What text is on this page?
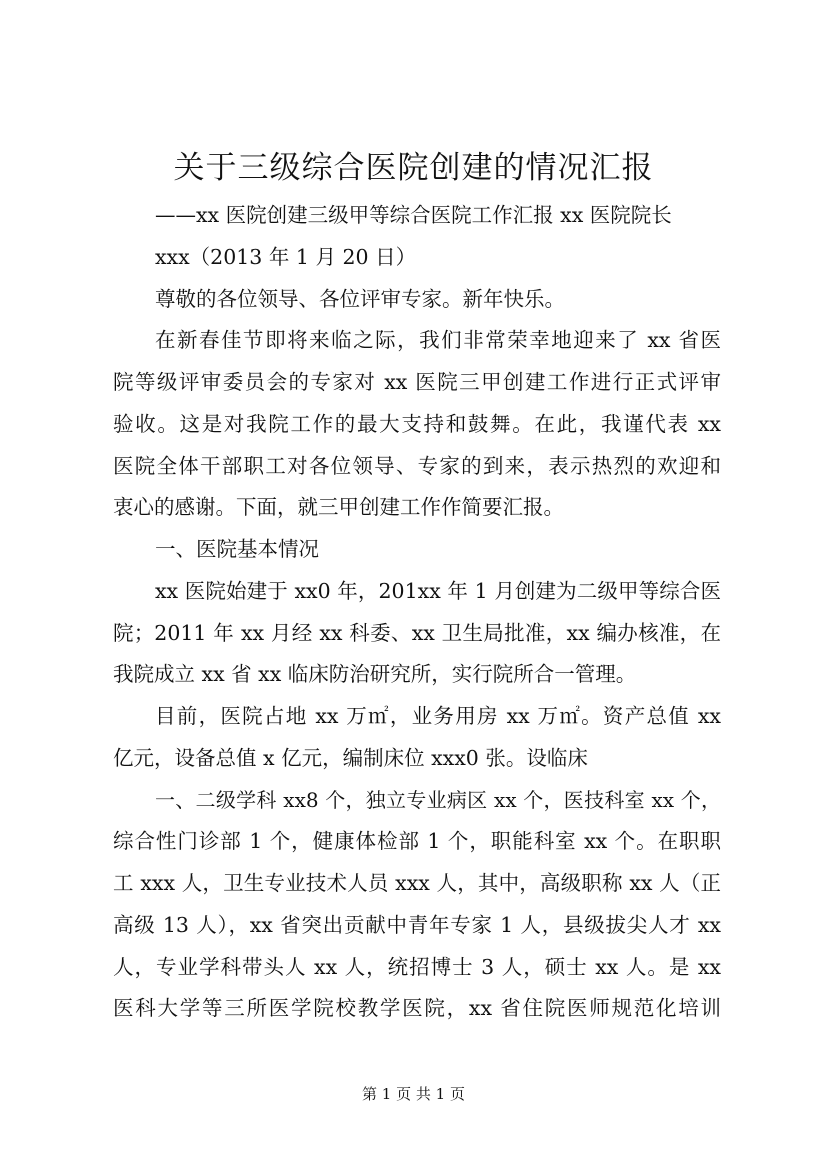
关于三级综合医院创建的情况汇报
——xx 医院创建三级甲等综合医院工作汇报 xx 医院院长
xxx（2013 年 1 月 20 日）
尊敬的各位领导、各位评审专家。新年快乐。
在新春佳节即将来临之际，我们非常荣幸地迎来了 xx 省医
院等级评审委员会的专家对 xx 医院三甲创建工作进行正式评审
验收。这是对我院工作的最大支持和鼓舞。在此，我谨代表 xx
医院全体干部职工对各位领导、专家的到来，表示热烈的欢迎和
衷心的感谢。下面，就三甲创建工作作简要汇报。
一、医院基本情况
xx 医院始建于 xx0 年，201xx 年 1 月创建为二级甲等综合医
院；2011 年 xx 月经 xx 科委、xx 卫生局批准，xx 编办核准，在
我院成立 xx 省 xx 临床防治研究所，实行院所合一管理。
目前，医院占地 xx 万㎡，业务用房 xx 万㎡。资产总值 xx
亿元，设备总值 x 亿元，编制床位 xxx0 张。设临床
一、二级学科 xx8 个，独立专业病区 xx 个，医技科室 xx 个，
综合性门诊部 1 个，健康体检部 1 个，职能科室 xx 个。在职职
工 xxx 人，卫生专业技术人员 xxx 人，其中，高级职称 xx 人（正
高级 13 人），xx 省突出贡献中青年专家 1 人，县级拔尖人才 xx
人，专业学科带头人 xx 人，统招博士 3 人，硕士 xx 人。是 xx
医科大学等三所医学院校教学医院，xx 省住院医师规范化培训
第 1 页 共 1 页
